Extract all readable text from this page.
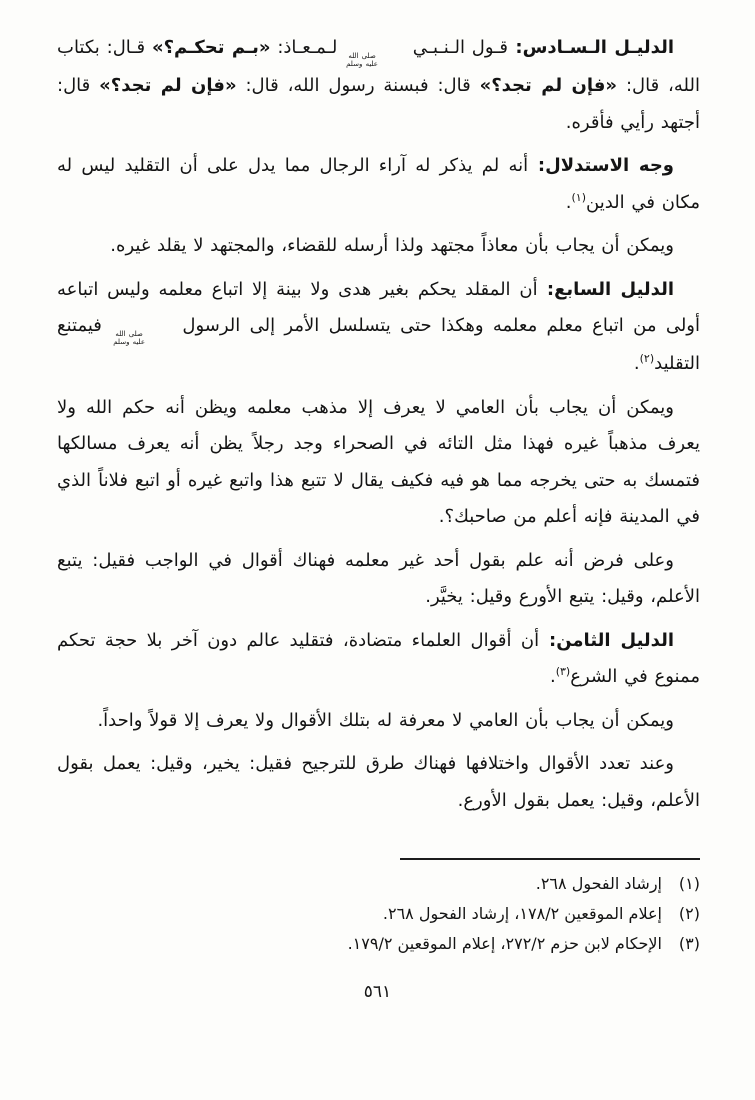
الدليـل الـسـادس: قـول الـنـبـي
صلى الله
عليه وسلم
لـمـعـاذ: «بـم تحكـم؟» قـال: بكتاب الله، قال: «فإن لم تجد؟» قال: فبسنة رسول الله، قال: «فإن لم تجد؟» قال: أجتهد رأيي فأقره.

وجه الاستدلال: أنه لم يذكر له آراء الرجال مما يدل على أن التقليد ليس له مكان في الدين$^{(١)}$.

ويمكن أن يجاب بأن معاذاً مجتهد ولذا أرسله للقضاء، والمجتهد لا يقلد غيره.

الدليل السابع: أن المقلد يحكم بغير هدى ولا بينة إلا اتباع معلمه وليس اتباعه أولى من اتباع معلم معلمه وهكذا حتى يتسلسل الأمر إلى الرسول
صلى الله
عليه وسلم
فيمتنع التقليد$^{(٢)}$.

ويمكن أن يجاب بأن العامي لا يعرف إلا مذهب معلمه ويظن أنه حكم الله ولا يعرف مذهباً غيره فهذا مثل التائه في الصحراء وجد رجلاً يظن أنه يعرف مسالكها فتمسك به حتى يخرجه مما هو فيه فكيف يقال لا تتبع هذا واتبع غيره أو اتبع فلاناً الذي في المدينة فإنه أعلم من صاحبك؟.

وعلى فرض أنه علم بقول أحد غير معلمه فهناك أقوال في الواجب فقيل: يتبع الأعلم، وقيل: يتبع الأورع وقيل: يخيَّر.

الدليل الثامن: أن أقوال العلماء متضادة، فتقليد عالم دون آخر بلا حجة تحكم ممنوع في الشرع$^{(٣)}$.

ويمكن أن يجاب بأن العامي لا معرفة له بتلك الأقوال ولا يعرف إلا قولاً واحداً.

وعند تعدد الأقوال واختلافها فهناك طرق للترجيح فقيل: يخير، وقيل: يعمل بقول الأعلم، وقيل: يعمل بقول الأورع.

(١)
إرشاد الفحول ٢٦٨.
(٢)
إعلام الموقعين ١٧٨/٢، إرشاد الفحول ٢٦٨.
(٣)
الإحكام لابن حزم ٢٧٢/٢، إعلام الموقعين ١٧٩/٢.
٥٦١
